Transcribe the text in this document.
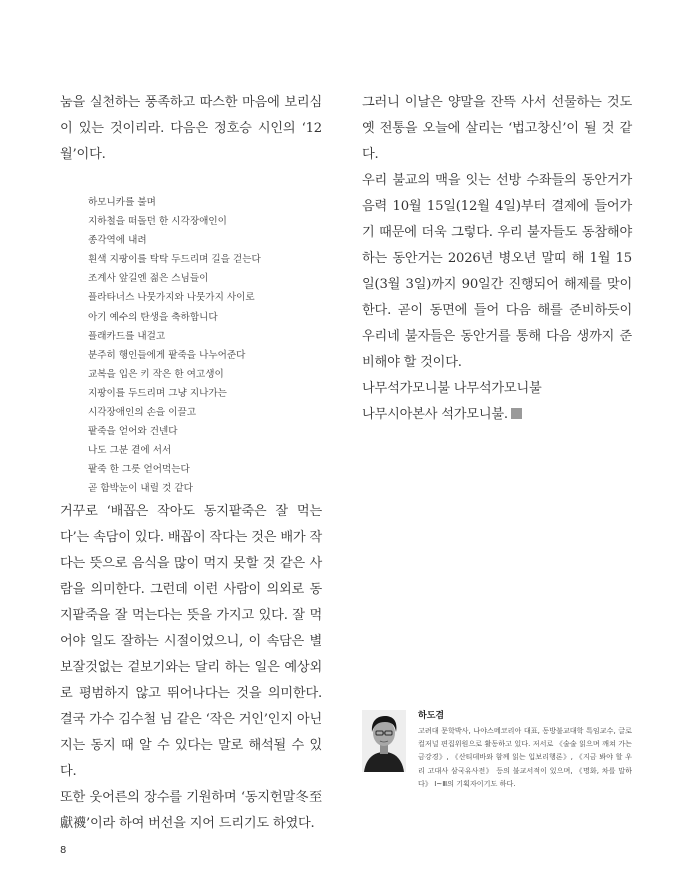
눔을 실천하는 풍족하고 따스한 마음에 보리심이 있는 것이리라. 다음은 정호승 시인의 ‘12월’이다.

하모니카를 불며
지하철을 떠돌던 한 시각장애인이
종각역에 내려
흰색 지팡이를 탁탁 두드리며 길을 걷는다
조계사 앞길엔 젊은 스님들이
플라타너스 나뭇가지와 나뭇가지 사이로
아기 예수의 탄생을 축하합니다
플래카드를 내걸고
분주히 행인들에게 팥죽을 나누어준다
교복을 입은 키 작은 한 여고생이
지팡이를 두드리며 그냥 지나가는
시각장애인의 손을 이끌고
팥죽을 얻어와 건넨다
나도 그분 곁에 서서
팥죽 한 그릇 얻어먹는다
곧 함박눈이 내릴 것 같다

거꾸로 ‘배꼽은 작아도 동지팥죽은 잘 먹는다’는 속담이 있다. 배꼽이 작다는 것은 배가 작다는 뜻으로 음식을 많이 먹지 못할 것 같은 사람을 의미한다. 그런데 이런 사람이 의외로 동지팥죽을 잘 먹는다는 뜻을 가지고 있다. 잘 먹어야 일도 잘하는 시절이었으니, 이 속담은 별 보잘것없는 겉보기와는 달리 하는 일은 예상외로 평범하지 않고 뛰어나다는 것을 의미한다. 결국 가수 김수철 님 같은 ‘작은 거인’인지 아닌지는 동지 때 알 수 있다는 말로 해석될 수 있다.

또한 웃어른의 장수를 기원하며 ‘동지헌말冬至獻襪’이라 하여 버선을 지어 드리기도 하였다.

그러니 이날은 양말을 잔뜩 사서 선물하는 것도 옛 전통을 오늘에 살리는 ‘법고창신’이 될 것 같다.

우리 불교의 맥을 잇는 선방 수좌들의 동안거가 음력 10월 15일(12월 4일)부터 결제에 들어가기 때문에 더욱 그렇다. 우리 불자들도 동참해야 하는 동안거는 2026년 병오년 말띠 해 1월 15일(3월 3일)까지 90일간 진행되어 해제를 맞이한다. 곧이 동면에 들어 다음 해를 준비하듯이 우리네 불자들은 동안거를 통해 다음 생까지 준비해야 할 것이다.

나무석가모니불 나무석가모니불

나무시아본사 석가모니불.

하도겸
고려대 문학박사, 나야스메코리아 대표, 동방불교대학 특임교수, 글로컬저널 편집위원으로 활동하고 있다. 저서로 《술술 읽으며 깨쳐 가는 금강경》, 《산티데바와 함께 읽는 입보리행론》, 《지금 봐야 할 우리 고대사 삼국유사전》 등의 불교서적이 있으며, 《명화, 차를 말하다》 Ⅰ~Ⅲ의 기획자이기도 하다.
8
